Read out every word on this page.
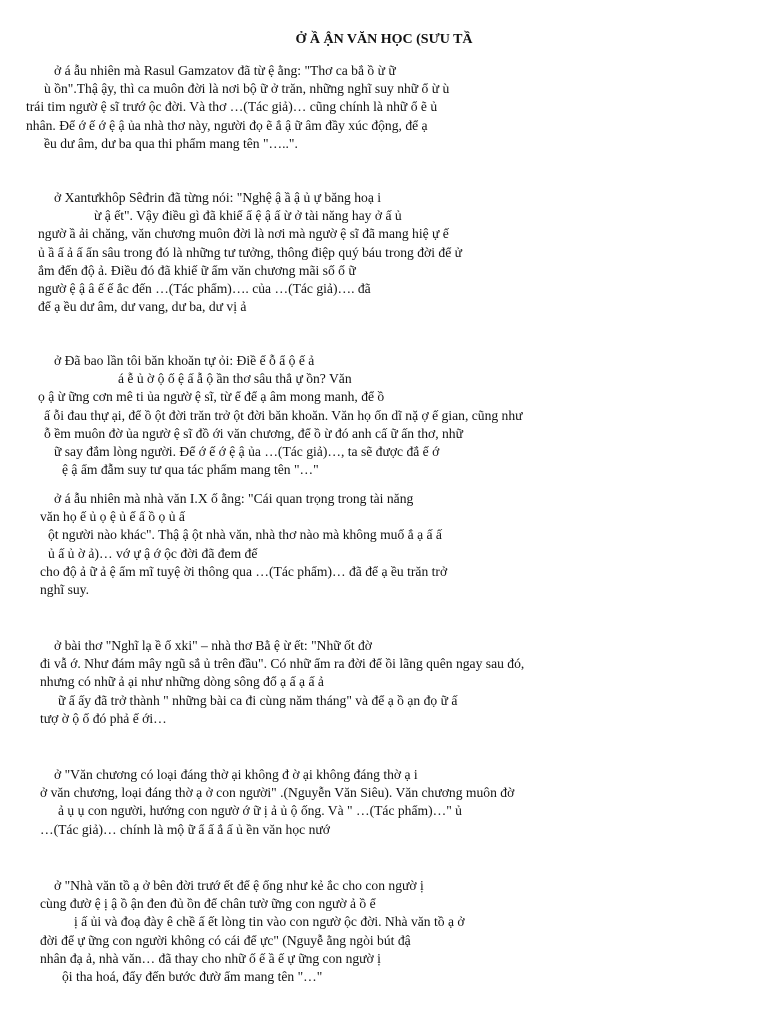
Ở Ầ ẬN VĂN HỌC (SƯU TẦ
ở á ẫu nhiên mà Rasul Gamzatov đã từ ệ ằng: "Thơ ca bắ ồ ừ ữ
ù ồn".Thậ ậy, thì ca muôn đời là nơi bộ ữ ở trăn, những nghĩ suy nhữ ổ ừ ù
trái tim ngườ ệ sĩ trướ ộc đời. Và thơ …(Tác giả)… cũng chính là nhữ ổ ẽ ủ
nhân. Để ớ ế ớ ệ ậ ủa nhà thơ này, người đọ ẽ ắ ậ ữ âm đầy xúc động, để ạ
ều dư âm, dư ba qua thi phẩm mang tên "…..".
ở Xantưkhôp Sêđrin đã từng nói: "Nghệ ậ ầ ậ ủ ự băng hoạ i
ừ ậ ết". Vậy điều gì đã khiế ẩ ệ ậ ấ ừ ở tài năng hay ở ấ ủ
ngườ ầ ải chăng, văn chương muôn đời là nơi mà ngườ ệ sĩ đã mang hiệ ự ế
ủ ầ ấ ả ấ ẩn sâu trong đó là những tư tưởng, thông điệp quý báu trong đời để ử
ắm đến độ ả. Điều đó đã khiế ữ ẩm văn chương mãi số ố ữ
ngườ ệ ậ â ế ế ắc đến …(Tác phẩm)…. của …(Tác giả)…. đã
để ạ ều dư âm, dư vang, dư ba, dư vị ả
ở Đã bao lần tôi băn khoăn tự ỏi: Điề ế ỗ ẩ ộ ế ả
á ễ ủ ờ ộ ố ệ ấ ẫ ộ ần thơ sâu thẳ ự ồn? Văn
ọ ậ ừ ững cơn mê ti ủa ngườ ệ sĩ, từ ể để ạ âm mong manh, để ồ
ấ ỗi đau thự ại, để ồ ột đời trăn trở ột đời băn khoăn. Văn họ ốn dĩ nặ ợ ế gian, cũng như
ỗ ềm muôn đờ ủa ngườ ệ sĩ đồ ới văn chương, để ồ ừ đó anh cấ ữ ấn thơ, nhữ
ữ say đắm lòng người. Để ớ ế ớ ệ ậ ủa …(Tác giả)…, ta sẽ được đắ ế ớ
ệ ậ ẩm đẫm suy tư qua tác phẩm mang tên "…"
ở á ẫu nhiên mà nhà văn I.X ố ằng: "Cái quan trọng trong tài năng
văn họ ế ủ ọ ệ ủ ế ấ ồ ọ ủ ấ
ột người nào khác". Thậ ậ ột nhà văn, nhà thơ nào mà không muố ắ ạ ấ ấ
ủ ấ ủ ờ ả)… vớ ự ậ ớ ộc đời đã đem đế
cho độ ả ữ ả ệ ẩm mĩ tuyệ ời thông qua …(Tác phẩm)… đã để ạ ều trăn trở
nghĩ suy.
ở bài thơ "Nghĩ lạ ề ố xki" – nhà thơ Bằ ệ ừ ết: "Nhữ ốt đờ
đi vẫ ớ. Như đám mây ngũ sắ ủ trên đầu". Có nhữ ẩm ra đời để ồi lãng quên ngay sau đó,
nhưng có nhữ ả ại như những dòng sông đổ ạ ấ ạ ấ ả
ữ ấ ấy đã trở thành " những bài ca đi cùng năm tháng" và để ạ ồ ạn đọ ữ ấ
tượ ờ ộ ố đó phả ế ới…
ở "Văn chương có loại đáng thờ ại không đ ờ ại không đáng thờ ạ i
ở văn chương, loại đáng thờ ạ ở con người" .(Nguyễn Văn Siêu). Văn chương muôn đờ
ả ụ ụ con người, hướng con ngườ ớ ữ ị ả ủ ộ ống. Và " …(Tác phẩm)…" ủ
…(Tác giả)… chính là mộ ữ ẩ ấ ắ ấ ủ ền văn học nướ
ở "Nhà văn tồ ạ ở bên đời trướ ết để ệ ống như kẻ ắc cho con ngườ ị
cùng đườ ệ ị ậ ồ ận đen đủ ồn để chân tườ ững con ngườ ả ồ ể
ị ấ ủi và đoạ đày ê chề ấ ết lòng tin vào con ngườ ộc đời. Nhà văn tồ ạ ở
đời để ự ững con người không có cái để ực" (Nguyễ ằng ngòi bút đậ
nhân đạ ả, nhà văn… đã thay cho nhữ ố ế ầ ế ự ững con ngườ ị
ội tha hoá, đẩy đến bước đườ ẩm mang tên "…"
